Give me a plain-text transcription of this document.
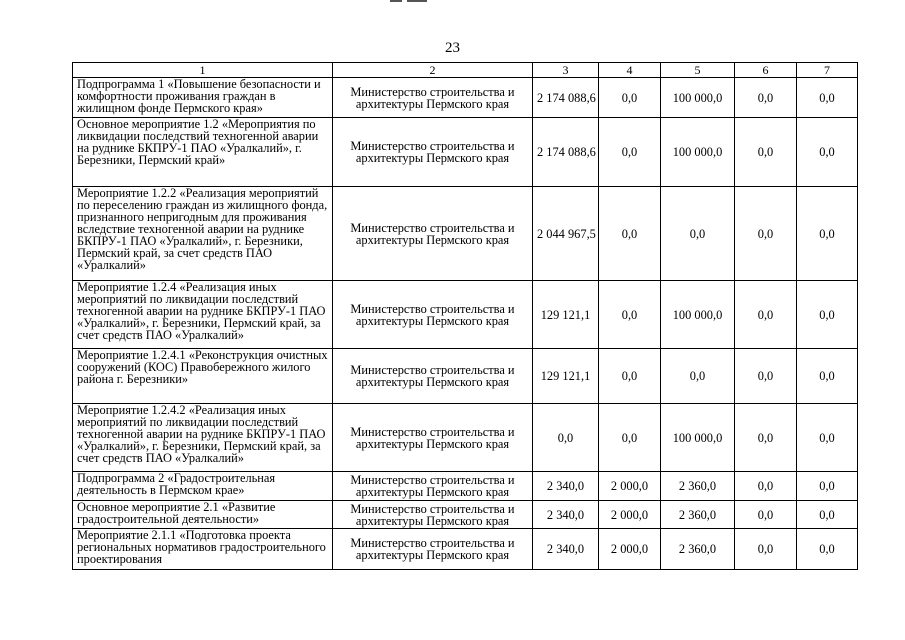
23
1	2	3	4	5	6	7
Подпрограмма 1 «Повышение безопасности и комфортности проживания граждан в жилищном фонде Пермского края»	Министерство строительства и архитектуры Пермского края	2 174 088,6	0,0	100 000,0	0,0	0,0
Основное мероприятие 1.2 «Мероприятия по ликвидации последствий техногенной аварии на руднике БКПРУ-1 ПАО «Уралкалий», г. Березники, Пермский край»	Министерство строительства и архитектуры Пермского края	2 174 088,6	0,0	100 000,0	0,0	0,0
Мероприятие 1.2.2 «Реализация мероприятий по переселению граждан из жилищного фонда, признанного непригодным для проживания вследствие техногенной аварии на руднике БКПРУ-1 ПАО «Уралкалий», г. Березники, Пермский край, за счет средств ПАО «Уралкалий»	Министерство строительства и архитектуры Пермского края	2 044 967,5	0,0	0,0	0,0	0,0
Мероприятие 1.2.4 «Реализация иных мероприятий по ликвидации последствий техногенной аварии на руднике БКПРУ-1 ПАО «Уралкалий», г. Березники, Пермский край, за счет средств ПАО «Уралкалий»	Министерство строительства и архитектуры Пермского края	129 121,1	0,0	100 000,0	0,0	0,0
Мероприятие 1.2.4.1 «Реконструкция очистных сооружений (КОС) Правобережного жилого района г. Березники»	Министерство строительства и архитектуры Пермского края	129 121,1	0,0	0,0	0,0	0,0
Мероприятие 1.2.4.2 «Реализация иных мероприятий по ликвидации последствий техногенной аварии на руднике БКПРУ-1 ПАО «Уралкалий», г. Березники, Пермский край, за счет средств ПАО «Уралкалий»	Министерство строительства и архитектуры Пермского края	0,0	0,0	100 000,0	0,0	0,0
Подпрограмма 2 «Градостроительная деятельность в Пермском крае»	Министерство строительства и архитектуры Пермского края	2 340,0	2 000,0	2 360,0	0,0	0,0
Основное мероприятие 2.1 «Развитие градостроительной деятельности»	Министерство строительства и архитектуры Пермского края	2 340,0	2 000,0	2 360,0	0,0	0,0
Мероприятие 2.1.1 «Подготовка проекта региональных нормативов градостроительного проектирования	Министерство строительства и архитектуры Пермского края	2 340,0	2 000,0	2 360,0	0,0	0,0
